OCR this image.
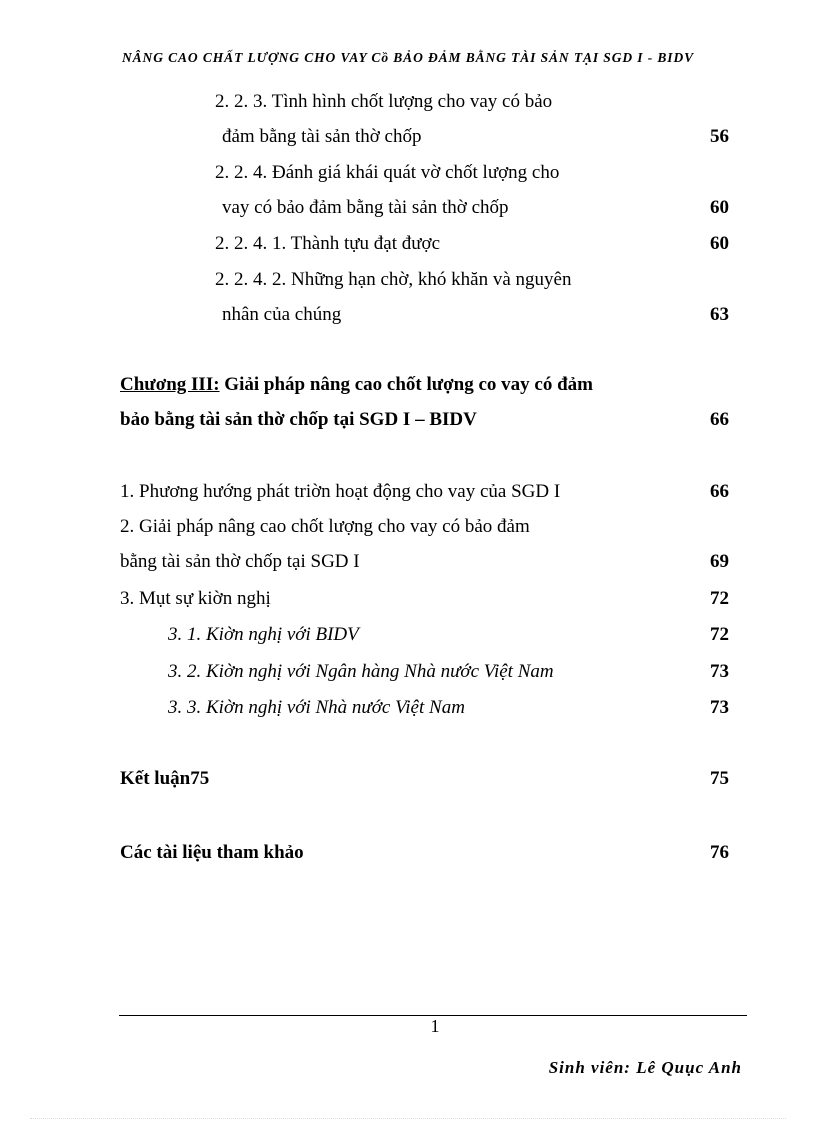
NÂNG CAO CHẤT LƯỢNG CHO VAY Cồ BẢO ĐẢM BẰNG TÀI SẢN TẠI SGD I - BIDV
2. 2. 3. Tình hình chốt lượng cho vay có bảo
đảm bằng tài sản thờ chốp	56
2. 2. 4. Đánh giá khái quát vờ chốt lượng cho
vay có bảo đảm bằng tài sản thờ chốp	60
2. 2. 4. 1. Thành tựu đạt được	60
2. 2. 4. 2. Những hạn chờ, khó khăn và nguyên
nhân của chúng	63
Chương III: Giải pháp nâng cao chốt lượng co vay có đảm
bảo bằng tài sản thờ chốp tại SGD I – BIDV	66
1. Phương hướng phát triờn hoạt động cho vay của SGD I	66
2. Giải pháp nâng cao chốt lượng cho vay có bảo đảm
bằng tài sản thờ chốp tại SGD I	69
3. Mụt sự kiờn nghị	72
3. 1. Kiờn nghị với BIDV	72
3. 2. Kiờn nghị với Ngân hàng Nhà nước Việt Nam	73
3. 3. Kiờn nghị với Nhà nước Việt Nam	73
Kết luận75	75
Các tài liệu tham khảo	76
1
Sinh viên: Lê Quục Anh
